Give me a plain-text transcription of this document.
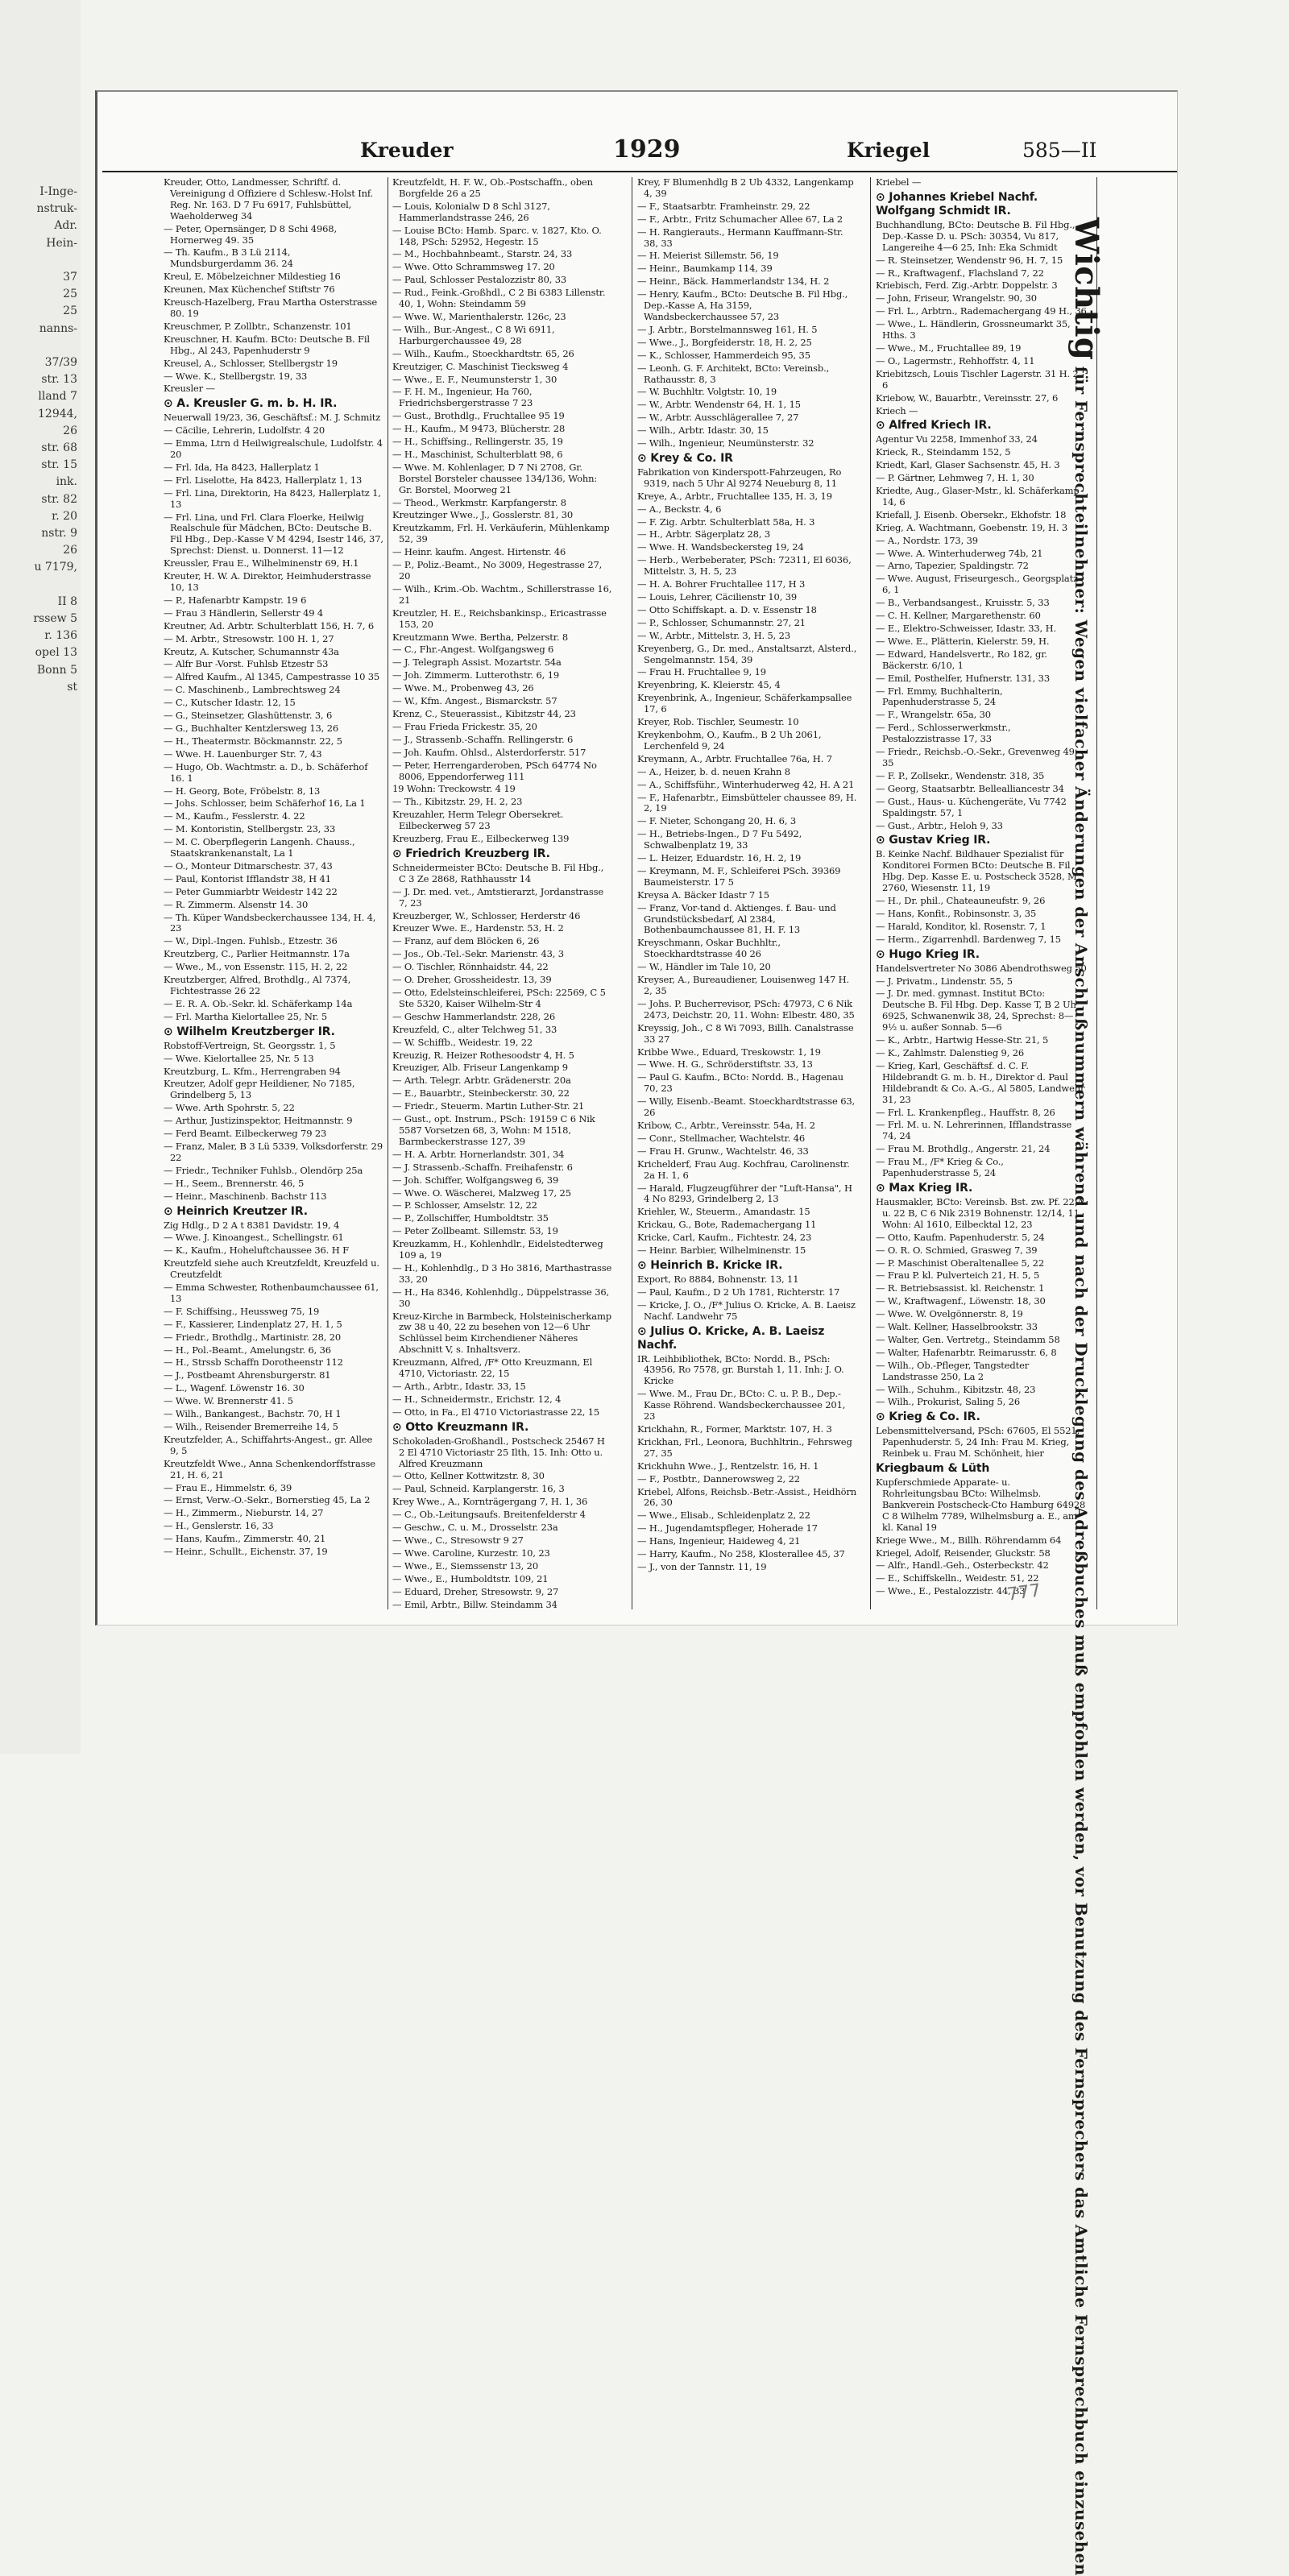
I-Inge-
nstruk-
Adr.
Hein-

37
25
25
nanns-

37/39
str. 13
lland 7
12944,
26
str. 68
str. 15
ink.
str. 82
r. 20
nstr. 9
26
u 7179,

II 8
rssew 5
r. 136
opel 13
Bonn 5
st
Kreuder	1929	Kriegel	585—II

Kreuder, Otto, Landmesser, Schriftf. d. Vereinigung d Offiziere d Schlesw.-Holst Inf. Reg. Nr. 163. D 7 Fu 6917, Fuhlsbüttel, Waeholderweg 34

— Peter, Opernsänger, D 8 Schi 4968, Hornerweg 49. 35

— Th. Kaufm., B 3 Lü 2114, Mundsburgerdamm 36. 24

Kreul, E. Möbelzeichner Mildestieg 16

Kreunen, Max Küchenchef Stiftstr 76

Kreusch-Hazelberg, Frau Martha Osterstrasse 80. 19

Kreuschmer, P. Zollbtr., Schanzenstr. 101

Kreuschner, H. Kaufm. BCto: Deutsche B. Fil Hbg., Al 243, Papenhuderstr 9

Kreusel, A., Schlosser, Stellbergstr 19

— Wwe. K., Stellbergstr. 19, 33

Kreusler —

⊙ A. Kreusler G. m. b. H. IR.

Neuerwall 19/23, 36, Geschäftsf.: M. J. Schmitz

— Cäcilie, Lehrerin, Ludolfstr. 4 20

— Emma, Ltrn d Heilwigrealschule, Ludolfstr. 4 20

— Frl. Ida, Ha 8423, Hallerplatz 1

— Frl. Liselotte, Ha 8423, Hallerplatz 1, 13

— Frl. Lina, Direktorin, Ha 8423, Hallerplatz 1, 13

— Frl. Lina, und Frl. Clara Floerke, Heilwig Realschule für Mädchen, BCto: Deutsche B. Fil Hbg., Dep.-Kasse V M 4294, Isestr 146, 37, Sprechst: Dienst. u. Donnerst. 11—12

Kreussler, Frau E., Wilhelminenstr 69, H.1

Kreuter, H. W. A. Direktor, Heimhuderstrasse 10, 13

— P., Hafenarbtr Kampstr. 19 6

— Frau 3 Händlerin, Sellerstr 49 4

Kreutner, Ad. Arbtr. Schulterblatt 156, H. 7, 6

— M. Arbtr., Stresowstr. 100 H. 1, 27

Kreutz, A. Kutscher, Schumannstr 43a

— Alfr Bur -Vorst. Fuhlsb Etzestr 53

— Alfred Kaufm., Al 1345, Campestrasse 10 35

— C. Maschinenb., Lambrechtsweg 24

— C., Kutscher Idastr. 12, 15

— G., Steinsetzer, Glashüttenstr. 3, 6

— G., Buchhalter Kentzlersweg 13, 26

— H., Theatermstr. Böckmannstr. 22, 5

— Wwe. H. Lauenburger Str. 7, 43

— Hugo, Ob. Wachtmstr. a. D., b. Schäferhof 16. 1

— H. Georg, Bote, Fröbelstr. 8, 13

— Johs. Schlosser, beim Schäferhof 16, La 1

— M., Kaufm., Fesslerstr. 4. 22

— M. Kontoristin, Stellbergstr. 23, 33

— M. C. Oberpflegerin Langenh. Chauss., Staatskrankenanstalt, La 1

— O., Monteur Ditmarschestr. 37, 43

— Paul, Kontorist Ifflandstr 38, H 41

— Peter Gummiarbtr Weidestr 142 22

— R. Zimmerm. Alsenstr 14. 30

— Th. Küper Wandsbeckerchaussee 134, H. 4, 23

— W., Dipl.-Ingen. Fuhlsb., Etzestr. 36

Kreutzberg, C., Parlier Heitmannstr. 17a

— Wwe., M., von Essenstr. 115, H. 2, 22

Kreutzberger, Alfred, Brothdlg., Al 7374, Fichtestrasse 26 22

— E. R. A. Ob.-Sekr. kl. Schäferkamp 14a

— Frl. Martha Kielortallee 25, Nr. 5

⊙ Wilhelm Kreutzberger IR.

Robstoff-Vertreign, St. Georgsstr. 1, 5

— Wwe. Kielortallee 25, Nr. 5 13

Kreutzburg, L. Kfm., Herrengraben 94

Kreutzer, Adolf gepr Heildiener, No 7185, Grindelberg 5, 13

— Wwe. Arth Spohrstr. 5, 22

— Arthur, Justizinspektor, Heitmannstr. 9

— Ferd Beamt. Eilbeckerweg 79 23

— Franz, Maler, B 3 Lü 5339, Volksdorferstr. 29 22

— Friedr., Techniker Fuhlsb., Olendörp 25a

— H., Seem., Brennerstr. 46, 5

— Heinr., Maschinenb. Bachstr 113

⊙ Heinrich Kreutzer IR.

Zig Hdlg., D 2 A t 8381 Davidstr. 19, 4

— Wwe. J. Kinoangest., Schellingstr. 61

— K., Kaufm., Hoheluftchaussee 36. H F

Kreutzfeld siehe auch Kreutzfeldt, Kreuzfeld u. Creutzfeldt

— Emma Schwester, Rothenbaumchaussee 61, 13

— F. Schiffsing., Heussweg 75, 19

— F., Kassierer, Lindenplatz 27, H. 1, 5

— Friedr., Brothdlg., Martinistr. 28, 20

— H., Pol.-Beamt., Amelungstr. 6, 36

— H., Strssb Schaffn Dorotheenstr 112

— J., Postbeamt Ahrensburgerstr. 81

— L., Wagenf. Löwenstr 16. 30

— Wwe. W. Brennerstr 41. 5

— Wilh., Bankangest., Bachstr. 70, H 1

— Wilh., Reisender Bremerreihe 14, 5

Kreutzfelder, A., Schiffahrts-Angest., gr. Allee 9, 5

Kreutzfeldt Wwe., Anna Schenkendorffstrasse 21, H. 6, 21

— Frau E., Himmelstr. 6, 39

— Ernst, Verw.-O.-Sekr., Bornerstieg 45, La 2

— H., Zimmerm., Nieburstr. 14, 27

— H., Genslerstr. 16, 33

— Hans, Kaufm., Zimmerstr. 40, 21

— Heinr., Schullt., Eichenstr. 37, 19

Kreutzfeldt, H. F. W., Ob.-Postschaffn., oben Borgfelde 26 a 25

— Louis, Kolonialw D 8 Schl 3127, Hammerlandstrasse 246, 26

— Louise BCto: Hamb. Sparc. v. 1827, Kto. O. 148, PSch: 52952, Hegestr. 15

— M., Hochbahnbeamt., Starstr. 24, 33

— Wwe. Otto Schrammsweg 17. 20

— Paul, Schlosser Pestalozzistr 80, 33

— Rud., Feink.-Großhdl., C 2 Bi 6383 Lillenstr. 40, 1, Wohn: Steindamm 59

— Wwe. W., Marienthalerstr. 126c, 23

— Wilh., Bur.-Angest., C 8 Wi 6911, Harburgerchaussee 49, 28

— Wilh., Kaufm., Stoeckhardtstr. 65, 26

Kreutziger, C. Maschinist Tiecksweg 4

— Wwe., E. F., Neumunsterstr 1, 30

— F. H. M., Ingenieur, Ha 760, Friedrichsbergerstrasse 7 23

— Gust., Brothdlg., Fruchtallee 95 19

— H., Kaufm., M 9473, Blücherstr. 28

— H., Schiffsing., Rellingerstr. 35, 19

— H., Maschinist, Schulterblatt 98, 6

— Wwe. M. Kohlenlager, D 7 Ni 2708, Gr. Borstel Borsteler chaussee 134/136, Wohn: Gr. Borstel, Moorweg 21

— Theod., Werkmstr. Karpfangerstr. 8

Kreutzinger Wwe., J., Gosslerstr. 81, 30

Kreutzkamm, Frl. H. Verkäuferin, Mühlenkamp 52, 39

— Heinr. kaufm. Angest. Hirtenstr. 46

— P., Poliz.-Beamt., No 3009, Hegestrasse 27, 20

— Wilh., Krim.-Ob. Wachtm., Schillerstrasse 16, 21

Kreutzler, H. E., Reichsbankinsp., Ericastrasse 153, 20

Kreutzmann Wwe. Bertha, Pelzerstr. 8

— C., Fhr.-Angest. Wolfgangsweg 6

— J. Telegraph Assist. Mozartstr. 54a

— Joh. Zimmerm. Lutterothstr. 6, 19

— Wwe. M., Probenweg 43, 26

— W., Kfm. Angest., Bismarckstr. 57

Krenz, C., Steuerassist., Kibitzstr 44, 23

— Frau Frieda Frickestr. 35, 20

— J., Strassenb.-Schaffn. Rellingerstr. 6

— Joh. Kaufm. Ohlsd., Alsterdorferstr. 517

— Peter, Herrengarderoben, PSch 64774 No 8006, Eppendorferweg 111

19 Wohn: Treckowstr. 4 19

— Th., Kibitzstr. 29, H. 2, 23

Kreuzahler, Herm Telegr Obersekret. Eilbeckerweg 57 23

Kreuzberg, Frau E., Eilbeckerweg 139

⊙ Friedrich Kreuzberg IR.

Schneidermeister BCto: Deutsche B. Fil Hbg., C 3 Ze 2868, Rathhausstr 14

— J. Dr. med. vet., Amtstierarzt, Jordanstrasse 7, 23

Kreuzberger, W., Schlosser, Herderstr 46

Kreuzer Wwe. E., Hardenstr. 53, H. 2

— Franz, auf dem Blöcken 6, 26

— Jos., Ob.-Tel.-Sekr. Marienstr. 43, 3

— O. Tischler, Rönnhaidstr. 44, 22

— O. Dreher, Grossheidestr. 13, 39

— Otto, Edelsteinschleiferei, PSch: 22569, C 5 Ste 5320, Kaiser Wilhelm-Str 4

— Geschw Hammerlandstr. 228, 26

Kreuzfeld, C., alter Telchweg 51, 33

— W. Schiffb., Weidestr. 19, 22

Kreuzig, R. Heizer Rothesoodstr 4, H. 5

Kreuziger, Alb. Friseur Langenkamp 9

— Arth. Telegr. Arbtr. Grädenerstr. 20a

— E., Bauarbtr., Steinbeckerstr. 30, 22

— Friedr., Steuerm. Martin Luther-Str. 21

— Gust., opt. Instrum., PSch: 19159 C 6 Nik 5587 Vorsetzen 68, 3, Wohn: M 1518, Barmbeckerstrasse 127, 39

— H. A. Arbtr. Hornerlandstr. 301, 34

— J. Strassenb.-Schaffn. Freihafenstr. 6

— Joh. Schiffer, Wolfgangsweg 6, 39

— Wwe. O. Wäscherei, Malzweg 17, 25

— P. Schlosser, Amselstr. 12, 22

— P., Zollschiffer, Humboldtstr. 35

— Peter Zollbeamt. Sillemstr. 53, 19

Kreuzkamm, H., Kohlenhdlr., Eidelstedterweg 109 a, 19

— H., Kohlenhdlg., D 3 Ho 3816, Marthastrasse 33, 20

— H., Ha 8346, Kohlenhdlg., Düppelstrasse 36, 30

Kreuz-Kirche in Barmbeck, Holsteinischerkamp zw 38 u 40, 22 zu besehen von 12—6 Uhr Schlüssel beim Kirchendiener Näheres Abschnitt V, s. Inhaltsverz.

Kreuzmann, Alfred, /F* Otto Kreuzmann, El 4710, Victoriastr. 22, 15

— Arth., Arbtr., Idastr. 33, 15

— H., Schneidermstr., Erichstr. 12, 4

— Otto, in Fa., El 4710 Victoriastrasse 22, 15

⊙ Otto Kreuzmann IR.

Schokoladen-Großhandl., Postscheck 25467 H 2 El 4710 Victoriastr 25 Ilth, 15. Inh: Otto u. Alfred Kreuzmann

— Otto, Kellner Kottwitzstr. 8, 30

— Paul, Schneid. Karplangerstr. 16, 3

Krey Wwe., A., Kornträgergang 7, H. 1, 36

— C., Ob.-Leitungsaufs. Breitenfelderstr 4

— Geschw., C. u. M., Drosselstr. 23a

— Wwe., C., Stresowstr 9 27

— Wwe. Caroline, Kurzestr. 10, 23

— Wwe., E., Siemssenstr 13, 20

— Wwe., E., Humboldtstr. 109, 21

— Eduard, Dreher, Stresowstr. 9, 27

— Emil, Arbtr., Billw. Steindamm 34

Krey, F Blumenhdlg B 2 Ub 4332, Langenkamp 4, 39

— F., Staatsarbtr. Framheinstr. 29, 22

— F., Arbtr., Fritz Schumacher Allee 67, La 2

— H. Rangierauts., Hermann Kauffmann-Str. 38, 33

— H. Meierist Sillemstr. 56, 19

— Heinr., Baumkamp 114, 39

— Heinr., Bäck. Hammerlandstr 134, H. 2

— Henry, Kaufm., BCto: Deutsche B. Fil Hbg., Dep.-Kasse A, Ha 3159, Wandsbeckerchaussee 57, 23

— J. Arbtr., Borstelmannsweg 161, H. 5

— Wwe., J., Borgfeiderstr. 18, H. 2, 25

— K., Schlosser, Hammerdeich 95, 35

— Leonh. G. F. Architekt, BCto: Vereinsb., Rathausstr. 8, 3

— W. Buchhltr. Volgtstr. 10, 19

— W., Arbtr. Wendenstr 64, H. 1, 15

— W., Arbtr. Ausschlägerallee 7, 27

— Wilh., Arbtr. Idastr. 30, 15

— Wilh., Ingenieur, Neumünsterstr. 32

⊙ Krey & Co. IR

Fabrikation von Kinderspott-Fahrzeugen, Ro 9319, nach 5 Uhr Al 9274 Neueburg 8, 11

Kreye, A., Arbtr., Fruchtallee 135, H. 3, 19

— A., Beckstr. 4, 6

— F. Zig. Arbtr. Schulterblatt 58a, H. 3

— H., Arbtr. Sägerplatz 28, 3

— Wwe. H. Wandsbeckersteg 19, 24

— Herb., Werbeberater, PSch: 72311, El 6036, Mittelstr. 3, H. 5, 23

— H. A. Bohrer Fruchtallee 117, H 3

— Louis, Lehrer, Cäcilienstr 10, 39

— Otto Schiffskapt. a. D. v. Essenstr 18

— P., Schlosser, Schumannstr. 27, 21

— W., Arbtr., Mittelstr. 3, H. 5, 23

Kreyenberg, G., Dr. med., Anstaltsarzt, Alsterd., Sengelmannstr. 154, 39

— Frau H. Fruchtallee 9, 19

Kreyenbring, K. Kleierstr. 45, 4

Kreyenbrink, A., Ingenieur, Schäferkampsallee 17, 6

Kreyer, Rob. Tischler, Seumestr. 10

Kreykenbohm, O., Kaufm., B 2 Uh 2061, Lerchenfeld 9, 24

Kreymann, A., Arbtr. Fruchtallee 76a, H. 7

— A., Heizer, b. d. neuen Krahn 8

— A., Schiffsführ., Winterhuderweg 42, H. A 21

— F., Hafenarbtr., Eimsbütteler chaussee 89, H. 2, 19

— F. Nieter, Schongang 20, H. 6, 3

— H., Betriebs-Ingen., D 7 Fu 5492, Schwalbenplatz 19, 33

— L. Heizer, Eduardstr. 16, H. 2, 19

— Kreymann, M. F., Schleiferei PSch. 39369 Baumeisterstr. 17 5

Kreysa A. Bäcker Idastr 7 15

— Franz, Vor-tand d. Aktienges. f. Bau- und Grundstücksbedarf, Al 2384, Bothenbaumchaussee 81, H. F. 13

Kreyschmann, Oskar Buchhltr., Stoeckhardtstrasse 40 26

— W., Händler im Tale 10, 20

Kreyser, A., Bureaudiener, Louisenweg 147 H. 2, 35

— Johs. P. Bucherrevisor, PSch: 47973, C 6 Nik 2473, Deichstr. 20, 11. Wohn: Elbestr. 480, 35

Kreyssig, Joh., C 8 Wi 7093, Billh. Canalstrasse 33 27

Kribbe Wwe., Eduard, Treskowstr. 1, 19

— Wwe. H. G., Schröderstiftstr. 33, 13

— Paul G. Kaufm., BCto: Nordd. B., Hagenau 70, 23

— Willy, Eisenb.-Beamt. Stoeckhardtstrasse 63, 26

Kribow, C., Arbtr., Vereinsstr. 54a, H. 2

— Conr., Stellmacher, Wachtelstr. 46

— Frau H. Grunw., Wachtelstr. 46, 33

Krichelderf, Frau Aug. Kochfrau, Carolinenstr. 2a H. 1, 6

— Harald, Flugzeugführer der "Luft-Hansa", H 4 No 8293, Grindelberg 2, 13

Kriehler, W., Steuerm., Amandastr. 15

Krickau, G., Bote, Rademachergang 11

Kricke, Carl, Kaufm., Fichtestr. 24, 23

— Heinr. Barbier, Wilhelminenstr. 15

⊙ Heinrich B. Kricke IR.

Export, Ro 8884, Bohnenstr. 13, 11

— Paul, Kaufm., D 2 Uh 1781, Richterstr. 17

— Kricke, J. O., /F* Julius O. Kricke, A. B. Laeisz Nachf. Landwehr 75

⊙ Julius O. Kricke, A. B. Laeisz Nachf.

IR. Leihbibliothek, BCto: Nordd. B., PSch: 43956, Ro 7578, gr. Burstah 1, 11. Inh: J. O. Kricke

— Wwe. M., Frau Dr., BCto: C. u. P. B., Dep.-Kasse Röhrend. Wandsbeckerchaussee 201, 23

Krickhahn, R., Former, Marktstr. 107, H. 3

Krickhan, Frl., Leonora, Buchhltrin., Fehrsweg 27, 35

Krickhuhn Wwe., J., Rentzelstr. 16, H. 1

— F., Postbtr., Dannerowsweg 2, 22

Kriebel, Alfons, Reichsb.-Betr.-Assist., Heidhörn 26, 30

— Wwe., Elisab., Schleidenplatz 2, 22

— H., Jugendamtspfleger, Hoherade 17

— Hans, Ingenieur, Haideweg 4, 21

— Harry, Kaufm., No 258, Klosterallee 45, 37

— J., von der Tannstr. 11, 19

Kriebel —

⊙ Johannes Kriebel Nachf. Wolfgang Schmidt IR.

Buchhandlung, BCto: Deutsche B. Fil Hbg., Dep.-Kasse D. u. PSch: 30354, Vu 817, Langereihe 4—6 25, Inh: Eka Schmidt

— R. Steinsetzer, Wendenstr 96, H. 7, 15

— R., Kraftwagenf., Flachsland 7, 22

Kriebisch, Ferd. Zig.-Arbtr. Doppelstr. 3

— John, Friseur, Wrangelstr. 90, 30

— Frl. L., Arbtrn., Rademachergang 49 H., 36

— Wwe., L. Händlerin, Grossneumarkt 35, Hths. 3

— Wwe., M., Fruchtallee 89, 19

— O., Lagermstr., Rehhoffstr. 4, 11

Kriebitzsch, Louis Tischler Lagerstr. 31 H. 2, 6

Kriebow, W., Bauarbtr., Vereinsstr. 27, 6

Kriech —

⊙ Alfred Kriech IR.

Agentur Vu 2258, Immenhof 33, 24

Krieck, R., Steindamm 152, 5

Kriedt, Karl, Glaser Sachsenstr. 45, H. 3

— P. Gärtner, Lehmweg 7, H. 1, 30

Kriedte, Aug., Glaser-Mstr., kl. Schäferkamp 14, 6

Kriefall, J. Eisenb. Obersekr., Ekhofstr. 18

Krieg, A. Wachtmann, Goebenstr. 19, H. 3

— A., Nordstr. 173, 39

— Wwe. A. Winterhuderweg 74b, 21

— Arno, Tapezier, Spaldingstr. 72

— Wwe. August, Friseurgesch., Georgsplatz 6, 1

— B., Verbandsangest., Kruisstr. 5, 33

— C. H. Kellner, Margarethenstr. 60

— E., Elektro-Schweisser, Idastr. 33, H.

— Wwe. E., Plätterin, Kielerstr. 59, H.

— Edward, Handelsvertr., Ro 182, gr. Bäckerstr. 6/10, 1

— Emil, Posthelfer, Hufnerstr. 131, 33

— Frl. Emmy, Buchhalterin, Papenhuderstrasse 5, 24

— F., Wrangelstr. 65a, 30

— Ferd., Schlosserwerkmstr., Pestalozzistrasse 17, 33

— Friedr., Reichsb.-O.-Sekr., Grevenweg 49, 35

— F. P., Zollsekr., Wendenstr. 318, 35

— Georg, Staatsarbtr. Bellealliancestr 34

— Gust., Haus- u. Küchengeräte, Vu 7742 Spaldingstr. 57, 1

— Gust., Arbtr., Heloh 9, 33

⊙ Gustav Krieg IR.

B. Keinke Nachf. Bildhauer Spezialist für Konditorei Formen BCto: Deutsche B. Fil Hbg. Dep. Kasse E. u. Postscheck 3528, M 2760, Wiesenstr. 11, 19

— H., Dr. phil., Chateauneufstr. 9, 26

— Hans, Konfit., Robinsonstr. 3, 35

— Harald, Konditor, kl. Rosenstr. 7, 1

— Herm., Zigarrenhdl. Bardenweg 7, 15

⊙ Hugo Krieg IR.

Handelsvertreter No 3086 Abendrothsweg 50

— J. Privatm., Lindenstr. 55, 5

— J. Dr. med. gymnast. Institut BCto: Deutsche B. Fil Hbg. Dep. Kasse T, B 2 Uh 6925, Schwanenwik 38, 24, Sprechst: 8—9½ u. außer Sonnab. 5—6

— K., Arbtr., Hartwig Hesse-Str. 21, 5

— K., Zahlmstr. Dalenstieg 9, 26

— Krieg, Karl, Geschäftsf. d. C. F. Hildebrandt G. m. b. H., Direktor d. Paul Hildebrandt & Co. A.-G., Al 5805, Landwehr 31, 23

— Frl. L. Krankenpfleg., Hauffstr. 8, 26

— Frl. M. u. N. Lehrerinnen, Ifflandstrasse 74, 24

— Frau M. Brothdlg., Angerstr. 21, 24

— Frau M., /F* Krieg & Co., Papenhuderstrasse 5, 24

⊙ Max Krieg IR.

Hausmakler, BCto: Vereinsb. Bst. zw. Pf. 22 A u. 22 B, C 6 Nik 2319 Bohnenstr. 12/14, 11, Wohn: Al 1610, Eilbecktal 12, 23

— Otto, Kaufm. Papenhuderstr. 5, 24

— O. R. O. Schmied, Grasweg 7, 39

— P. Maschinist Oberaltenallee 5, 22

— Frau P. kl. Pulverteich 21, H. 5, 5

— R. Betriebsassist. kl. Reichenstr. 1

— W., Kraftwagenf., Löwenstr. 18, 30

— Wwe. W. Ovelgönnerstr. 8, 19

— Walt. Kellner, Hasselbrookstr. 33

— Walter, Gen. Vertretg., Steindamm 58

— Walter, Hafenarbtr. Reimarusstr. 6, 8

— Wilh., Ob.-Pfleger, Tangstedter Landstrasse 250, La 2

— Wilh., Schuhm., Kibitzstr. 48, 23

— Wilh., Prokurist, Saling 5, 26

⊙ Krieg & Co. IR.

Lebensmittelversand, PSch: 67605, El 5521, Papenhuderstr. 5, 24 Inh: Frau M. Krieg, Reinbek u. Frau M. Schönheit, hier

Kriegbaum & Lüth

Kupferschmiede Apparate- u. Rohrleitungsbau BCto: Wilhelmsb. Bankverein Postscheck-Cto Hamburg 64928 C 8 Wilhelm 7789, Wilhelmsburg a. E., am kl. Kanal 19

Kriege Wwe., M., Billh. Röhrendamm 64

Kriegel, Adolf, Reisender, Gluckstr. 58

— Alfr., Handl.-Geh., Osterbeckstr. 42

— E., Schiffskelln., Weidestr. 51, 22

— Wwe., E., Pestalozzistr. 44, 33

Wichtig für Fernsprechteilnehmer: Wegen vielfacher Änderungen der Anschlußnummern während und nach der Drucklegung des Adreßbuches muß empfohlen werden, vor Benutzung des Fernsprechers das Amtliche Fernsprechbuch einzusehen
777
